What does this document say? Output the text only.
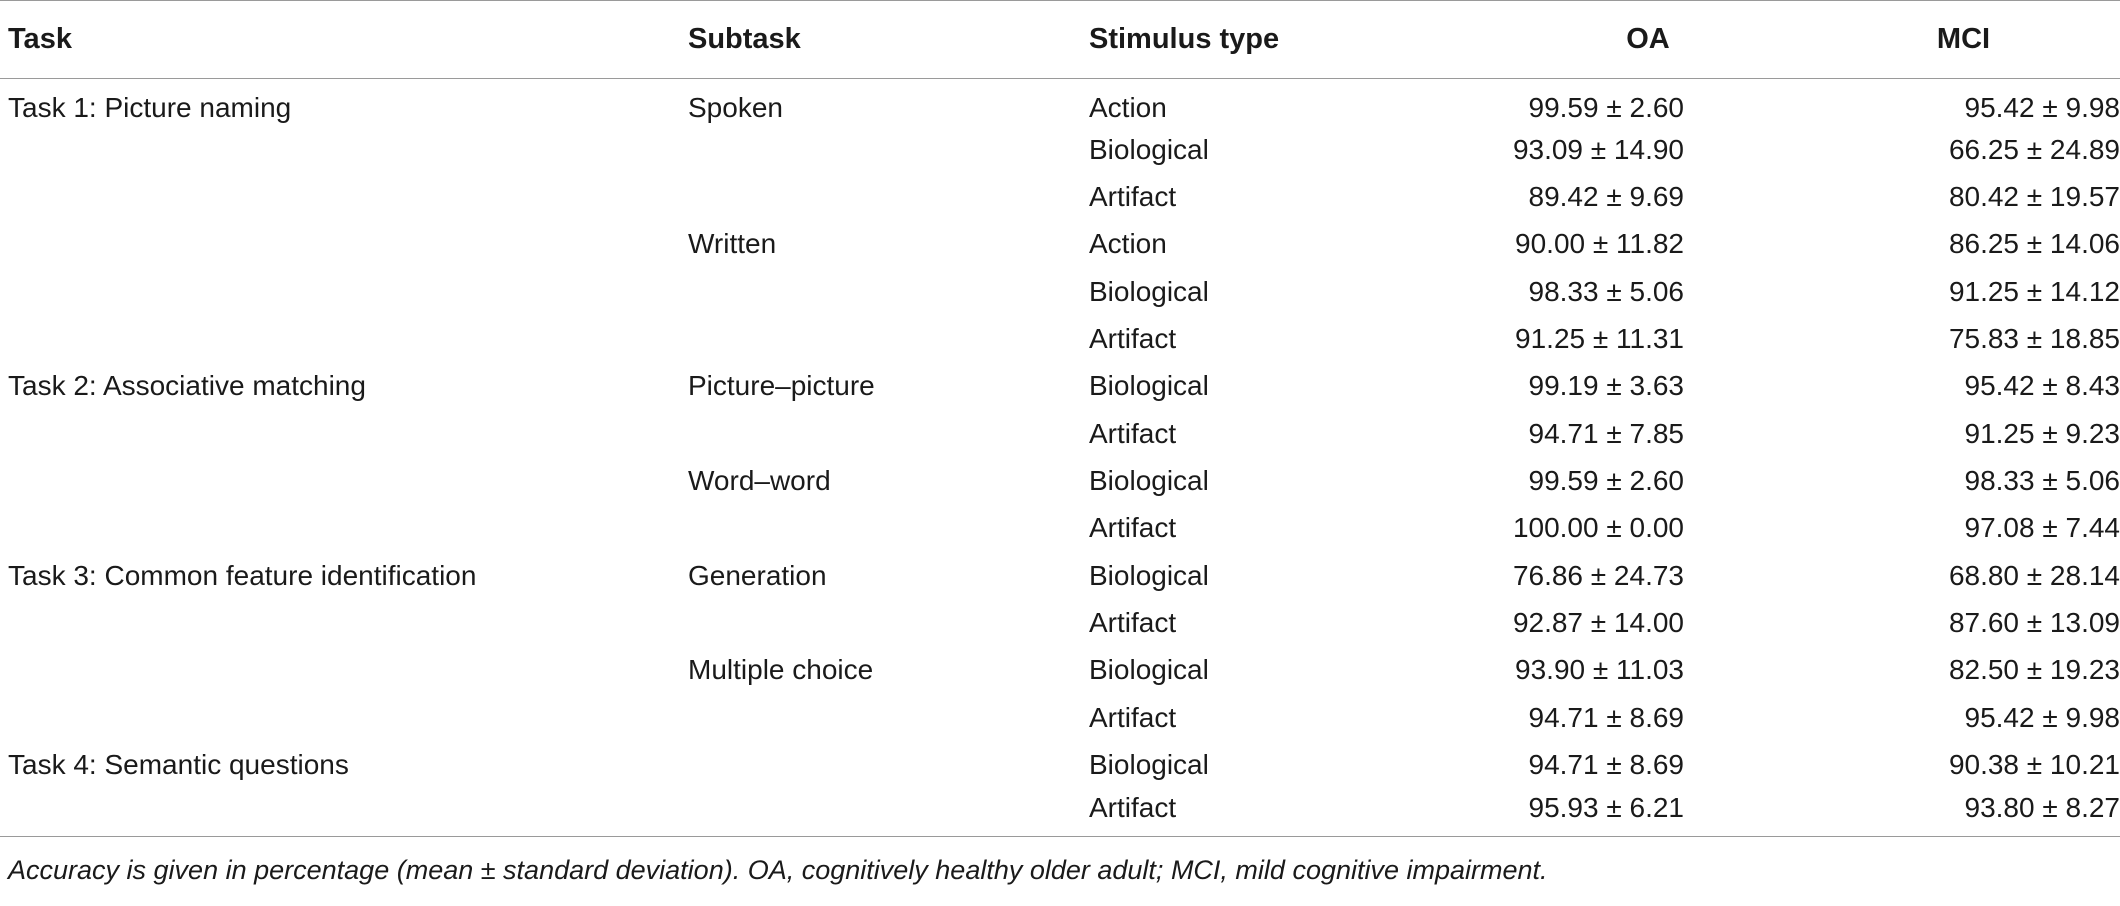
Task	Subtask	Stimulus type	OA	MCI
Task 1: Picture naming	Spoken	Action	99.59 ± 2.60	95.42 ± 9.98
		Biological	93.09 ± 14.90	66.25 ± 24.89
		Artifact	89.42 ± 9.69	80.42 ± 19.57
	Written	Action	90.00 ± 11.82	86.25 ± 14.06
		Biological	98.33 ± 5.06	91.25 ± 14.12
		Artifact	91.25 ± 11.31	75.83 ± 18.85
Task 2: Associative matching	Picture–picture	Biological	99.19 ± 3.63	95.42 ± 8.43
		Artifact	94.71 ± 7.85	91.25 ± 9.23
	Word–word	Biological	99.59 ± 2.60	98.33 ± 5.06
		Artifact	100.00 ± 0.00	97.08 ± 7.44
Task 3: Common feature identification	Generation	Biological	76.86 ± 24.73	68.80 ± 28.14
		Artifact	92.87 ± 14.00	87.60 ± 13.09
	Multiple choice	Biological	93.90 ± 11.03	82.50 ± 19.23
		Artifact	94.71 ± 8.69	95.42 ± 9.98
Task 4: Semantic questions		Biological	94.71 ± 8.69	90.38 ± 10.21
		Artifact	95.93 ± 6.21	93.80 ± 8.27
Accuracy is given in percentage (mean ± standard deviation). OA, cognitively healthy older adult; MCI, mild cognitive impairment.
